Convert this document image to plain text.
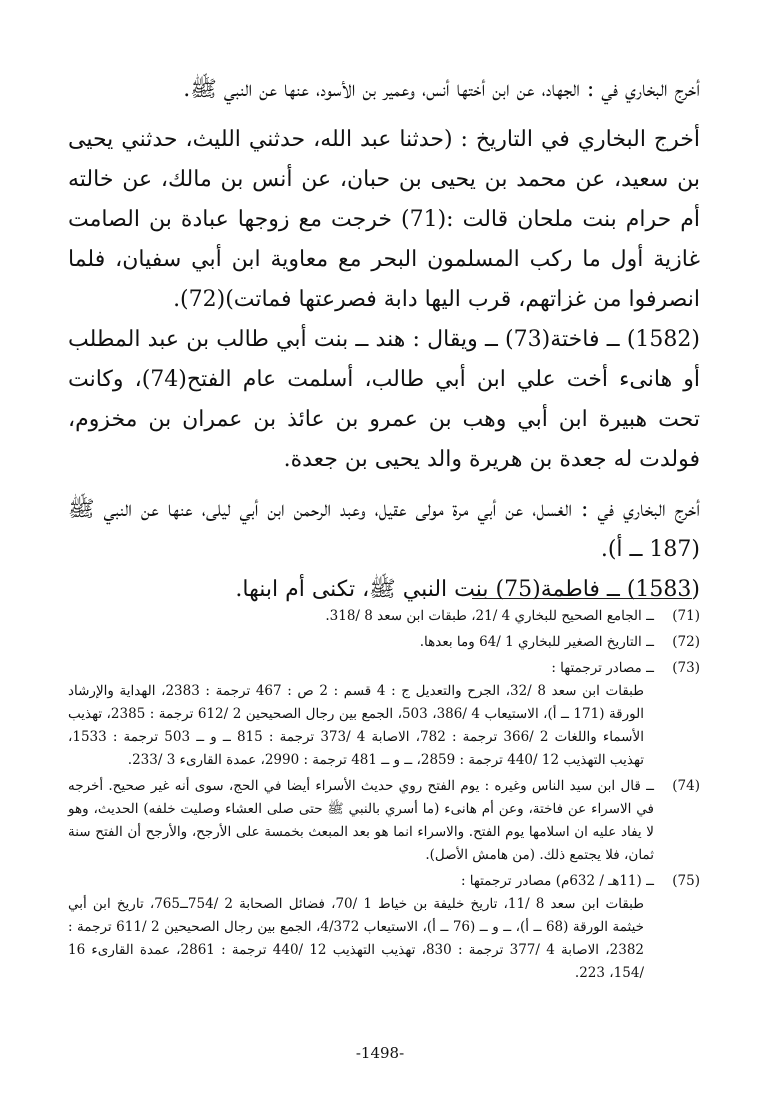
أخرج البخاري في : الجهاد، عن ابن أختها أنس، وعمير بن الأسود، عنها عن النبي ﷺ.

أخرج البخاري في التاريخ : (حدثنا عبد الله، حدثني الليث، حدثني يحيى بن سعيد، عن محمد بن يحيى بن حبان، عن أنس بن مالك، عن خالته أم حرام بنت ملحان قالت :(71) خرجت مع زوجها عبادة بن الصامت غازية أول ما ركب المسلمون البحر مع معاوية ابن أبي سفيان، فلما انصرفوا من غزاتهم، قرب اليها دابة فصرعتها فماتت)(72).

(1582) ــ فاختة(73) ــ ويقال : هند ــ بنت أبي طالب بن عبد المطلب أو هانىء أخت علي ابن أبي طالب، أسلمت عام الفتح(74)، وكانت تحت هبيرة ابن أبي وهب بن عمرو بن عائذ بن عمران بن مخزوم، فولدت له جعدة بن هريرة والد يحيى بن جعدة.

أخرج البخاري في : الغسل، عن أبي مرة مولى عقيل، وعبد الرحمن ابن أبي ليلى، عنها عن النبي ﷺ (187 ــ أ).

(1583) ــ فاطمة(75) بنت النبي ﷺ، تكنى أم ابنها.

(71)
ــ الجامع الصحيح للبخاري 4 /21، طبقات ابن سعد 8 /318.
(72)
ــ التاريخ الصغير للبخاري 1 /64 وما بعدها.
(73)
ــ مصادر ترجمتها :
طبقات ابن سعد 8 /32، الجرح والتعديل ج : 4 قسم : 2 ص : 467 ترجمة : 2383، الهداية والإرشاد الورقة (171 ــ أ)، الاستيعاب 4 /386، 503، الجمع بين رجال الصحيحين 2 /612 ترجمة : 2385، تهذيب الأسماء واللغات 2 /366 ترجمة : 782، الاصابة 4 /373 ترجمة : 815 ــ و ــ 503 ترجمة : 1533، تهذيب التهذيب 12 /440 ترجمة : 2859، ــ و ــ 481 ترجمة : 2990، عمدة القارىء 3 /233.
(74)
ــ قال ابن سيد الناس وغيره : يوم الفتح روي حديث الأسراء أيضا في الحج، سوى أنه غير صحيح. أخرجه في الاسراء عن فاختة، وعن أم هانىء (ما أسري بالنبي ﷺ حتى صلى العشاء وصليت خلفه) الحديث، وهو لا يفاد عليه ان اسلامها يوم الفتح. والاسراء انما هو بعد المبعث بخمسة على الأرجح، والأرجح أن الفتح سنة ثمان، فلا يجتمع ذلك. (من هامش الأصل).
(75)
ــ (11هـ / 632م) مصادر ترجمتها :
طبقات ابن سعد 8 /11، تاريخ خليفة بن خياط 1 /70، فضائل الصحابة 2 /754ــ765، تاريخ ابن أبي خيثمة الورقة (68 ــ أ)، ــ و ــ (76 ــ أ)، الاستيعاب 4/372، الجمع بين رجال الصحيحين 2 /611 ترجمة : 2382، الاصابة 4 /377 ترجمة : 830، تهذيب التهذيب 12 /440 ترجمة : 2861، عمدة القارىء 16 /154، 223.
-1498-
